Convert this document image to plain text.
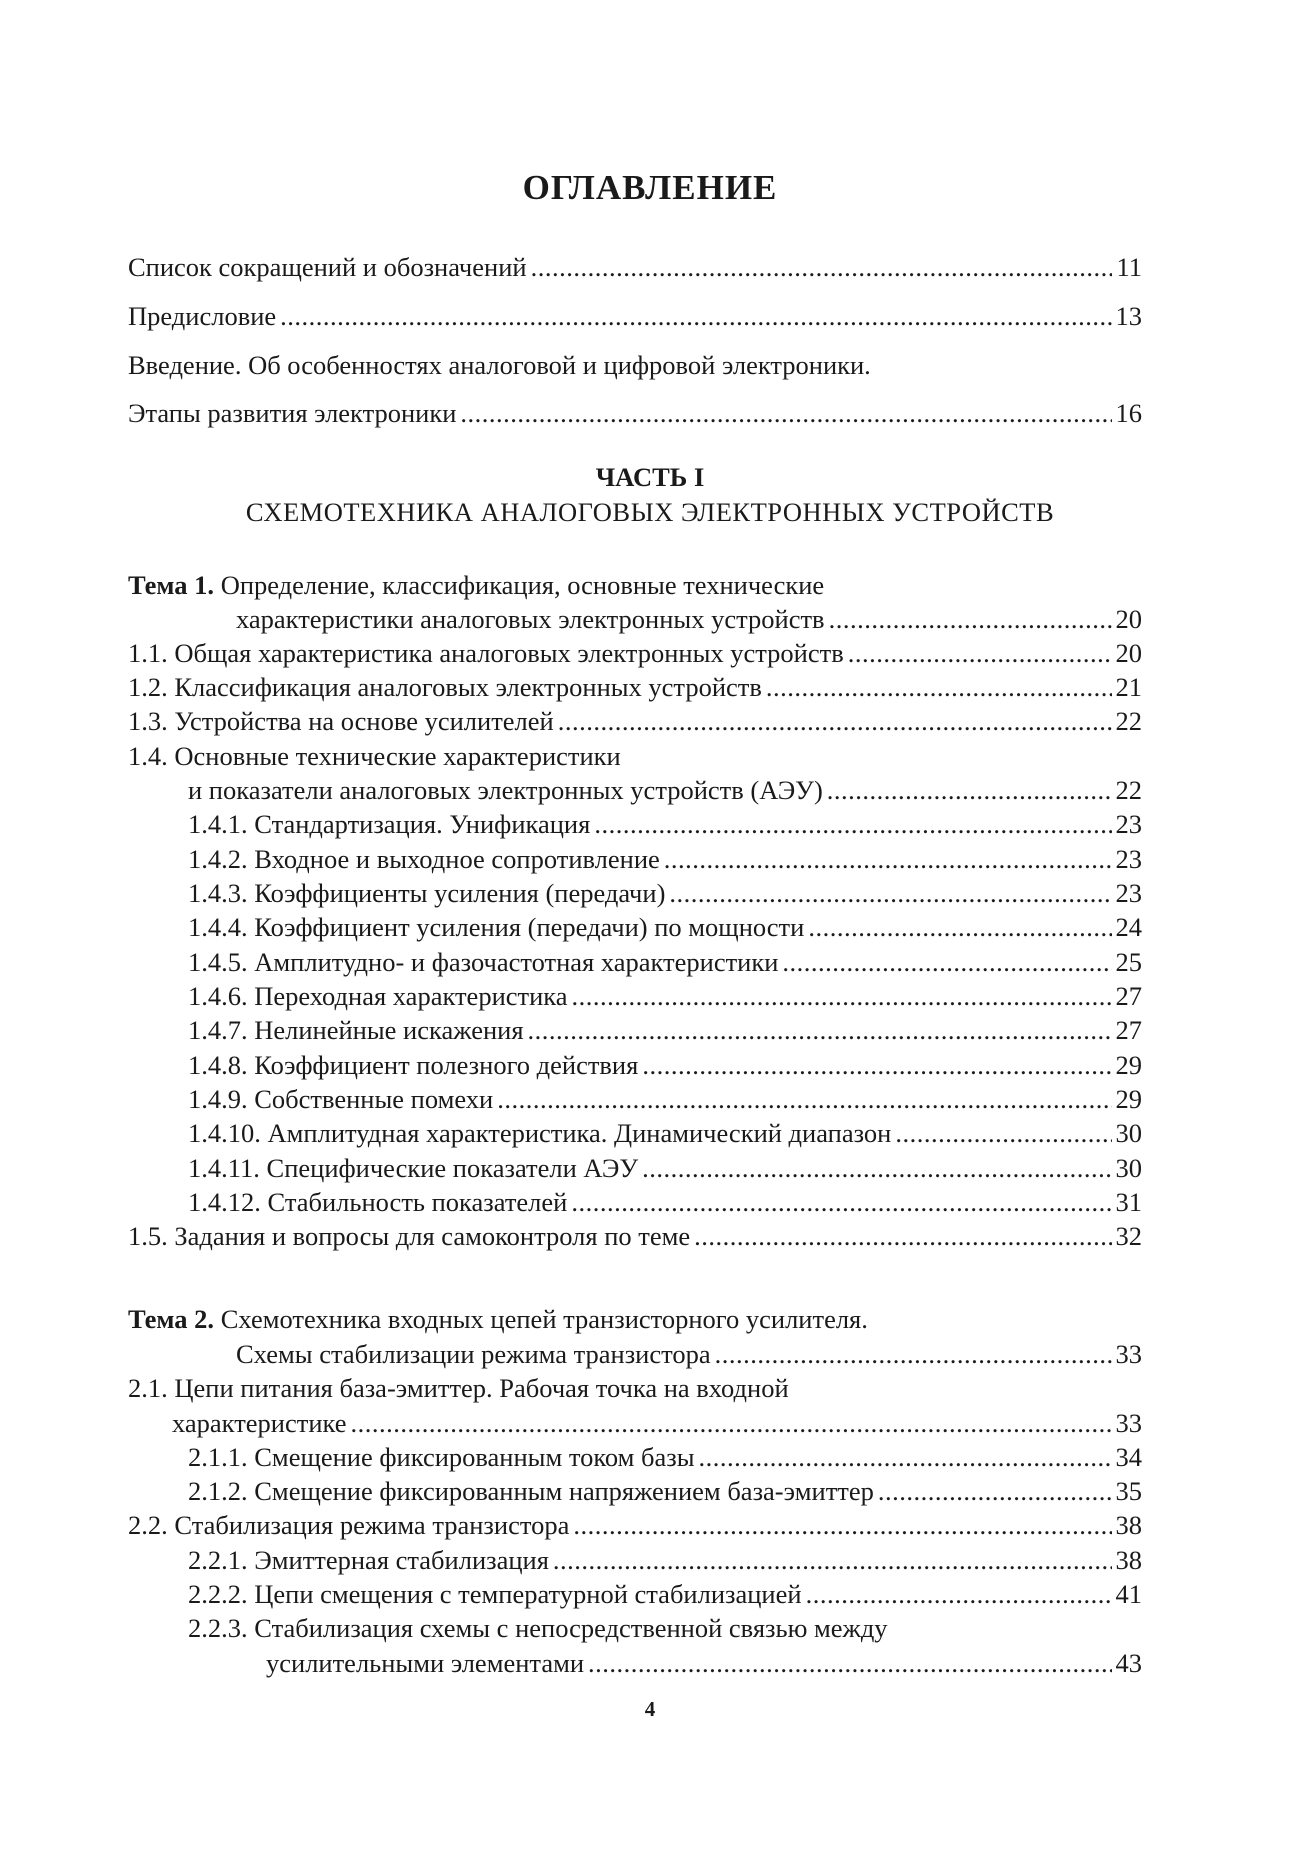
ОГЛАВЛЕНИЕ
Список сокращений и обозначений .....	11
Предисловие .....	13
Введение. Об особенностях аналоговой и цифровой электроники.
Этапы развития электроники .....	16
ЧАСТЬ I
СХЕМОТЕХНИКА АНАЛОГОВЫХ ЭЛЕКТРОННЫХ УСТРОЙСТВ
Тема 1. Определение, классификация, основные технические
характеристики аналоговых электронных устройств .....	20
1.1. Общая характеристика аналоговых электронных устройств .....	20
1.2. Классификация аналоговых электронных устройств .....	21
1.3. Устройства на основе усилителей .....	22
1.4. Основные технические характеристики
и показатели аналоговых электронных устройств (АЭУ) .....	22
1.4.1. Стандартизация. Унификация .....	23
1.4.2. Входное и выходное сопротивление .....	23
1.4.3. Коэффициенты усиления (передачи) .....	23
1.4.4. Коэффициент усиления (передачи) по мощности .....	24
1.4.5. Амплитудно- и фазочастотная характеристики .....	25
1.4.6. Переходная характеристика .....	27
1.4.7. Нелинейные искажения .....	27
1.4.8. Коэффициент полезного действия .....	29
1.4.9. Собственные помехи .....	29
1.4.10. Амплитудная характеристика. Динамический диапазон .....	30
1.4.11. Специфические показатели АЭУ .....	30
1.4.12. Стабильность показателей .....	31
1.5. Задания и вопросы для самоконтроля по теме .....	32
Тема 2. Схемотехника входных цепей транзисторного усилителя.
Схемы стабилизации режима транзистора .....	33
2.1. Цепи питания база-эмиттер. Рабочая точка на входной
характеристике .....	33
2.1.1. Смещение фиксированным током базы .....	34
2.1.2. Смещение фиксированным напряжением база-эмиттер .....	35
2.2. Стабилизация режима транзистора .....	38
2.2.1. Эмиттерная стабилизация .....	38
2.2.2. Цепи смещения с температурной стабилизацией .....	41
2.2.3. Стабилизация схемы с непосредственной связью между
усилительными элементами .....	43
4
